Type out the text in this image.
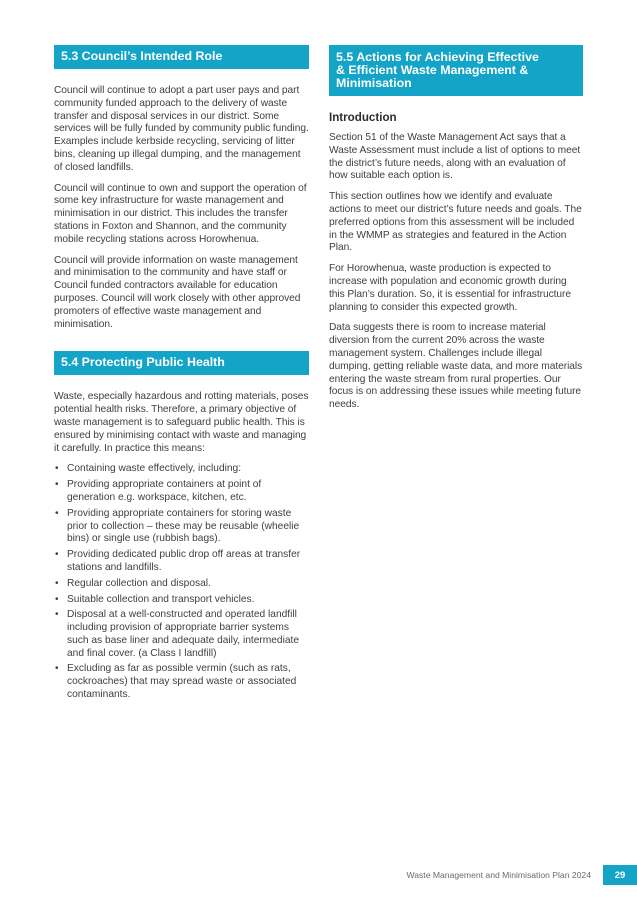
5.3 Council’s Intended Role

Council will continue to adopt a part user pays and part community funded approach to the delivery of waste transfer and disposal services in our district. Some services will be fully funded by community public funding. Examples include kerbside recycling, servicing of litter bins, cleaning up illegal dumping, and the management of closed landfills.

Council will continue to own and support the operation of some key infrastructure for waste management and minimisation in our district. This includes the transfer stations in Foxton and Shannon, and the community mobile recycling stations across Horowhenua.

Council will provide information on waste management and minimisation to the community and have staff or Council funded contractors available for education purposes. Council will work closely with other approved promoters of effective waste management and minimisation.

5.4 Protecting Public Health

Waste, especially hazardous and rotting materials, poses potential health risks. Therefore, a primary objective of waste management is to safeguard public health. This is ensured by minimising contact with waste and managing it carefully. In practice this means:

• Containing waste effectively, including:
• Providing appropriate containers at point of generation e.g. workspace, kitchen, etc.
• Providing appropriate containers for storing waste prior to collection – these may be reusable (wheelie bins) or single use (rubbish bags).
• Providing dedicated public drop off areas at transfer stations and landfills.
• Regular collection and disposal.
• Suitable collection and transport vehicles.
• Disposal at a well-constructed and operated landfill including provision of appropriate barrier systems such as base liner and adequate daily, intermediate and final cover. (a Class I landfill)
• Excluding as far as possible vermin (such as rats, cockroaches) that may spread waste or associated contaminants.
5.5 Actions for Achieving Effective
& Efficient Waste Management &
Minimisation
Introduction

Section 51 of the Waste Management Act says that a Waste Assessment must include a list of options to meet the district’s future needs, along with an evaluation of how suitable each option is.

This section outlines how we identify and evaluate actions to meet our district’s future needs and goals. The preferred options from this assessment will be included in the WMMP as strategies and featured in the Action Plan.

For Horowhenua, waste production is expected to increase with population and economic growth during this Plan’s duration. So, it is essential for infrastructure planning to consider this expected growth.

Data suggests there is room to increase material diversion from the current 20% across the waste management system. Challenges include illegal dumping, getting reliable waste data, and more materials entering the waste stream from rural properties. Our focus is on addressing these issues while meeting future needs.

Waste Management and Minimisation Plan 2024	29
